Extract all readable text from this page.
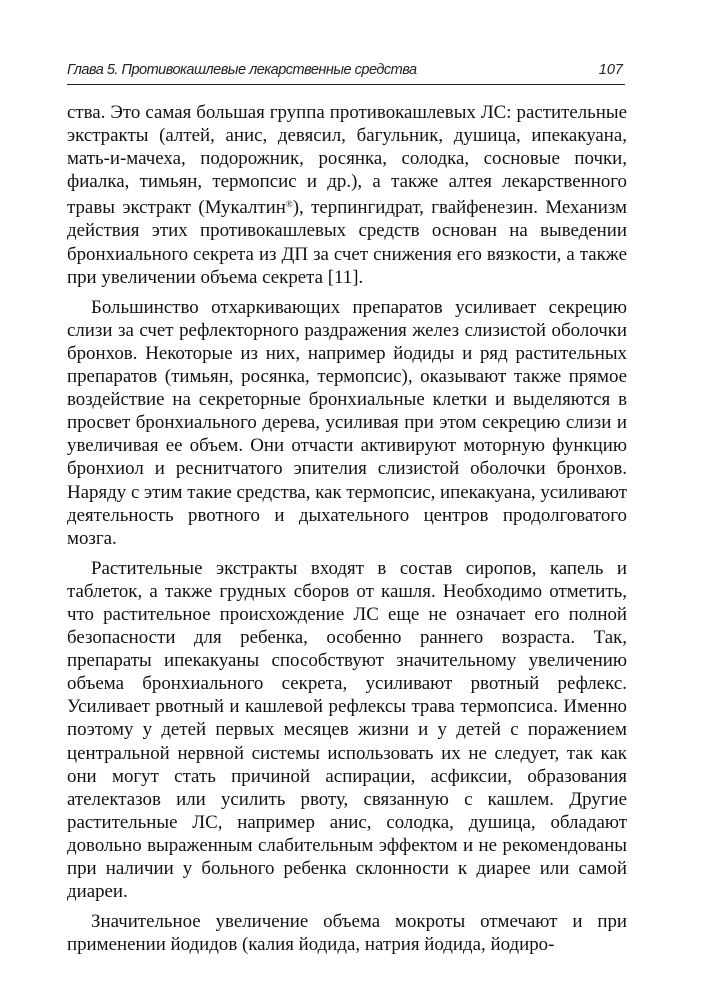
Глава 5. Противокашлевые лекарственные средства	107

ства. Это самая большая группа противокашлевых ЛС: растительные экстракты (алтей, анис, девясил, багульник, душица, ипекакуана, мать-и-мачеха, подорожник, росянка, солодка, сосновые почки, фиалка, тимьян, термопсис и др.), а также алтея лекарственного травы экстракт (Мукалтин®), терпингидрат, гвайфенезин. Механизм действия этих противокашлевых средств основан на выведении бронхиального секрета из ДП за счет снижения его вязкости, а также при увеличении объема секрета [11].

Большинство отхаркивающих препаратов усиливает секрецию слизи за счет рефлекторного раздражения желез слизистой оболочки бронхов. Некоторые из них, например йодиды и ряд растительных препаратов (тимьян, росянка, термопсис), оказывают также прямое воздействие на секреторные бронхиальные клетки и выделяются в просвет бронхиального дерева, усиливая при этом секрецию слизи и увеличивая ее объем. Они отчасти активируют моторную функцию бронхиол и реснитчатого эпителия слизистой оболочки бронхов. Наряду с этим такие средства, как термопсис, ипекакуана, усиливают деятельность рвотного и дыхательного центров продолговатого мозга.

Растительные экстракты входят в состав сиропов, капель и таблеток, а также грудных сборов от кашля. Необходимо отметить, что растительное происхождение ЛС еще не означает его полной безопасности для ребенка, особенно раннего возраста. Так, препараты ипекакуаны способствуют значительному увеличению объема бронхиального секрета, усиливают рвотный рефлекс. Усиливает рвотный и кашлевой рефлексы трава термопсиса. Именно поэтому у детей первых месяцев жизни и у детей с поражением центральной нервной системы использовать их не следует, так как они могут стать причиной аспирации, асфиксии, образования ателектазов или усилить рвоту, связанную с кашлем. Другие растительные ЛС, например анис, солодка, душица, обладают довольно выраженным слабительным эффектом и не рекомендованы при наличии у больного ребенка склонности к диарее или самой диареи.

Значительное увеличение объема мокроты отмечают и при применении йодидов (калия йодида, натрия йодида, йодиро-
